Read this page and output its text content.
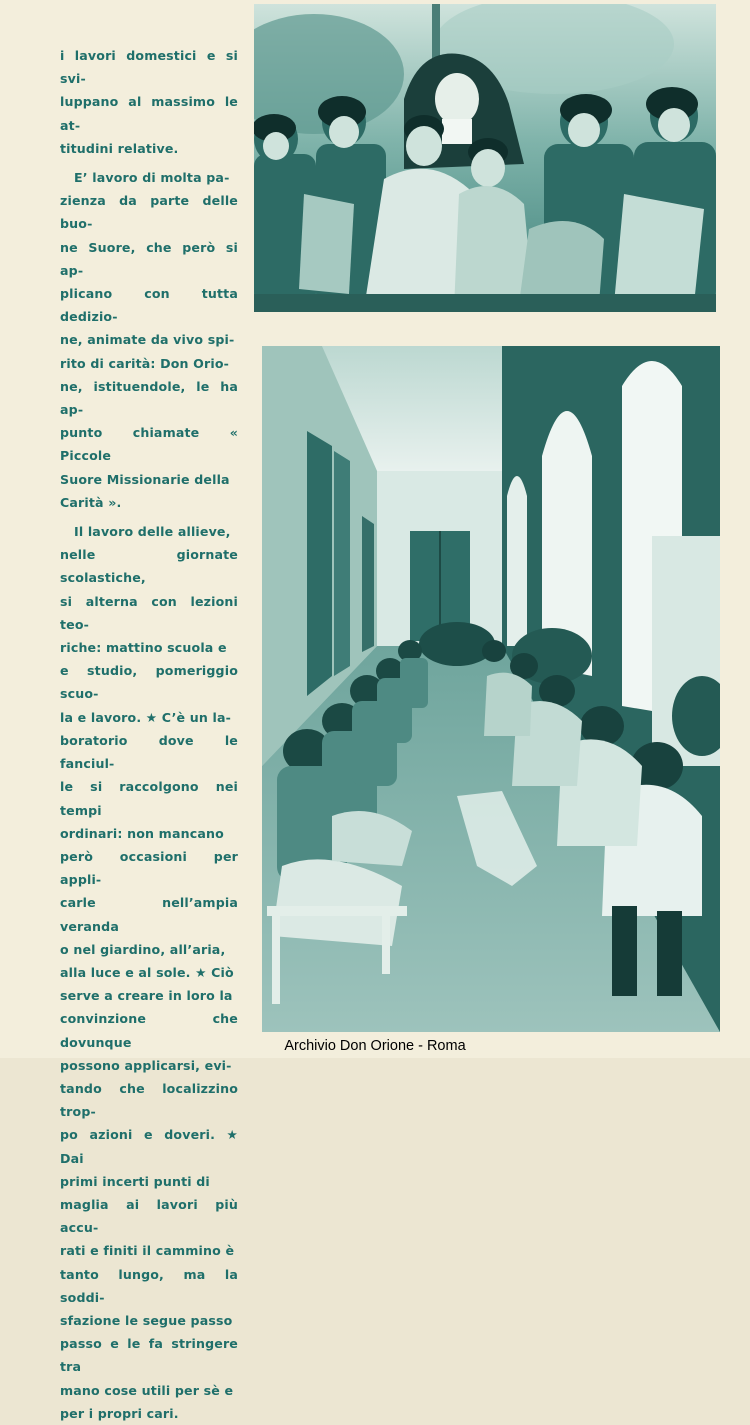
i lavori domestici e si svi-
luppano al massimo le at-
titudini relative.

E’ lavoro di molta pa-
zienza da parte delle buo-
ne Suore, che però si ap-
plicano con tutta dedizio-
ne, animate da vivo spi-
rito di carità: Don Orio-
ne, istituendole, le ha ap-
punto chiamate « Piccole
Suore Missionarie della
Carità ».

Il lavoro delle allieve,
nelle giornate scolastiche,
si alterna con lezioni teo-
riche: mattino scuola e
e studio, pomeriggio scuo-
la e lavoro. ★ C’è un la-
boratorio dove le fanciul-
le si raccolgono nei tempi
ordinari: non mancano
però occasioni per appli-
carle nell’ampia veranda
o nel giardino, all’aria,
alla luce e al sole. ★ Ciò
serve a creare in loro la
convinzione che dovunque
possono applicarsi, evi-
tando che localizzino trop-
po azioni e doveri. ★ Dai
primi incerti punti di
maglia ai lavori più accu-
rati e finiti il cammino è
tanto lungo, ma la soddi-
sfazione le segue passo
passo e le fa stringere tra
mano cose utili per sè e
per i propri cari.

Archivio Don Orione - Roma
